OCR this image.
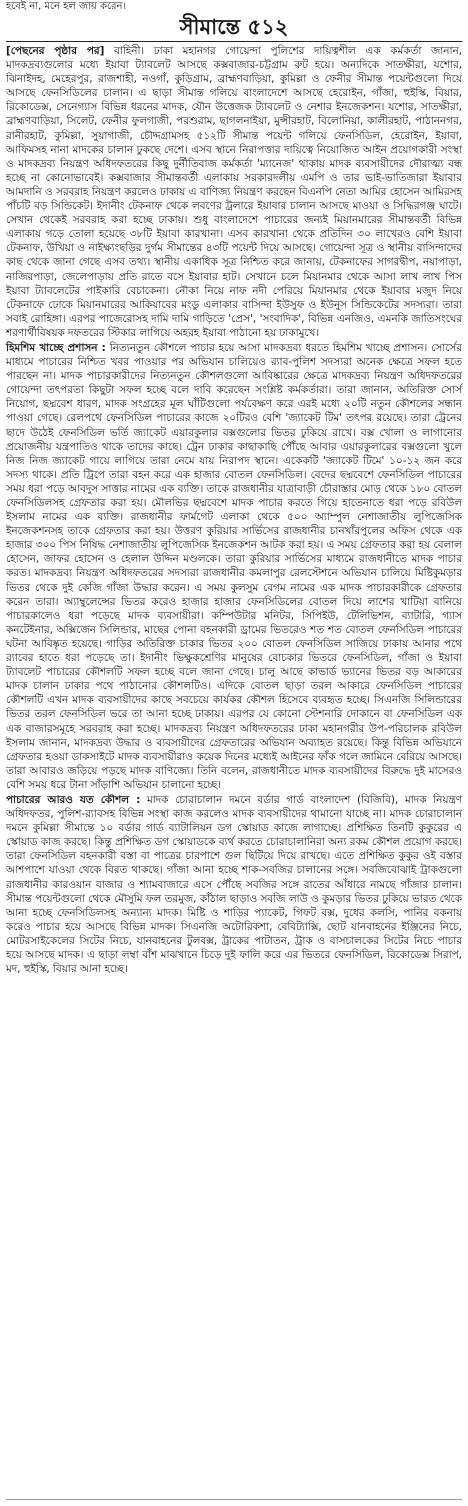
হবেই না, মনে হল জায় করেন।
সীমান্তে ৫১২

[পেছনের পৃষ্ঠার পর] বাহিনী। ঢাকা মহানগর গোয়েন্দা পুলিশের দায়িত্বশীল এক কর্মকর্তা জানান, মাদকদ্রব্যগুলোর মধ্যে ইয়াবা ট্যাবলেট আসছে কক্সবাজার-চট্টগ্রাম রুট হয়ে। অন্যদিকে সাতক্ষীরা, যশোর, ঝিনাইদহ, মেহেরপুর, রাজশাহী, নওগাঁ, কুড়িগ্রাম, ব্রাহ্মণবাড়িয়া, কুমিল্লা ও ফেনীর সীমান্ত পয়েন্টগুলো দিয়ে আসছে ফেনসিডিলের চালান। এ ছাড়া সীমান্ত গলিয়ে বাংলাদেশে আসছে হেরোইন, গাঁজা, হুইস্কি, বিয়ার, রিকোডেক্স, সেনেগ্যাস বিভিন্ন ধরনের মাদক, যৌন উত্তেজক ট্যাবলেট ও নেশার ইনজেকশন। যশোর, সাতক্ষীরা, ব্রাহ্মণবাড়িয়া, সিলেট, ফেনীর ফুলগাজী, পরশুরাম, ছাগলনাইয়া, মুন্সীরহাট, বিলোনিয়া, কালীরহাট, পাঠাননগর, রানীরহাট, কুমিল্লা, সুয়াগাজী, চৌদ্দগ্রামসহ ৫১২টি সীমান্ত পয়েন্ট গলিয়ে ফেনসিডিল, হেরোইন, ইয়াবা, আফিমসহ নানা মাদকের চালান ঢুকছে দেশে। এসব স্থানে নিরাপত্তার দায়িত্বে নিয়োজিত আইন প্রয়োগকারী সংস্থা ও মাদকদ্রব্য নিয়ন্ত্রণ অধিদফতরের কিছু দুর্নীতিবাজ কর্মকর্তা 'ম্যানেজ' থাকায় মাদক ব্যবসায়ীদের দৌরাত্ম্য বন্ধ হচ্ছে না কোনোভাবেই। কক্সবাজার সীমান্তবর্তী এলাকায় সরকারদলীয় এমপি ও তার ভাই-ভাতিজারা ইয়াবার আমদানি ও সরবরাহ নিয়ন্ত্রণ করলেও ঢাকায় এ বাণিজ্য নিয়ন্ত্রণ করছেন বিএনপি নেতা আমির হোসেন আমিরসহ পাঁচটি বড় সিন্ডিকেট। ইদানীং টেকনাফ থেকে লবণের ট্রলারে ইয়াবার চালান আসছে মাওয়া ও সিদ্ধিরগঞ্জ ঘাটে। সেখান থেকেই সরবরাহ করা হচ্ছে ঢাকায়। শুধু বাংলাদেশে পাচারের জন্যই মিয়ানমারের সীমান্তবর্তী বিভিন্ন এলাকায় গড়ে তোলা হয়েছে ৩৮টি ইয়াবা কারখানা। এসব কারখানা থেকে প্রতিদিন ৩০ লাখেরও বেশি ইয়াবা টেকনাফ, উখিয়া ও নাইক্ষ্যংছড়ির দুর্গম সীমান্তের ৪৩টি পয়েন্ট দিয়ে আসছে। গোয়েন্দা সূত্র ও স্থানীয় বাসিন্দাদের কাছ থেকে জানা গেছে এসব তথ্য। স্থানীয় একাধিক সূত্র নিশ্চিত করে জানায়, টেকনাফের সাগরদ্বীপ, নয়াপাড়া, নাজিরপাড়া, জেলেপাড়ায় প্রতি রাতে বসে ইয়াবার হাট। সেখানে চলে মিয়ানমার থেকে আসা লাখ লাখ পিস ইয়াবা ট্যাবলেটের পাইকারি বেচাকেনা। নৌকা নিয়ে নাফ নদী পেরিয়ে মিয়ানমার থেকে ইয়াবার মজুদ নিয়ে টেকনাফে ঢোকে মিয়ানমারের আকিয়াবের মংডু এলাকার বাসিন্দা ইউসুফ ও ইউনুস সিন্ডিকেটের সদস্যরা। তারা সবাই রোহিঙ্গা। এরপর পাজেরোসহ দামি দামি গাড়িতে 'প্রেস', 'সংবাদিক', বিভিন্ন এনজিও, এমনকি জাতিসংঘের শরণার্থীবিষয়ক দফতরের স্টিকার লাগিয়ে অহরহ ইয়াবা পাঠানো হয় ঢাকামুখে।

হিমশিম খাচ্ছে প্রশাসন : নিত্যনতুন কৌশলে পাচার হয়ে আসা মাদকদ্রব্য ধরতে হিমশিম খাচ্ছে প্রশাসন। সোর্সের মাধ্যমে পাচারের নিশ্চিত খবর পাওয়ার পর অভিযান চালিয়েও র‌্যাব-পুলিশ সদস্যরা অনেক ক্ষেত্রে সফল হতে পারছেন না। মাদক পাচারকারীদের নিত্যনতুন কৌশলগুলো আবিষ্কারের ক্ষেত্রে মাদকদ্রব্য নিয়ন্ত্রণ অধিদফতরের গোয়েন্দা তৎপরতা কিছুটা সফল হচ্ছে বলে দাবি করেছেন সংশ্লিষ্ট কর্মকর্তারা। তারা জানান, অতিরিক্ত সোর্স নিয়োগ, ছদ্মবেশ ধারণ, মাদক সংগ্রহের মূল ঘাঁটিগুলো পর্যবেক্ষণ করে এরই মধ্যে ২০টি নতুন কৌশলের সন্ধান পাওয়া গেছে। রেলপথে ফেনসিডিল পাচারের কাজে ২০টিরও বেশি 'জ্যাকেট টিম' তৎপর রয়েছে। তারা ট্রেনের ছাদে উঠেই ফেনসিডিল ভর্তি জ্যাকেট এয়ারকুলার বক্সগুলোর ভিতর ঢুকিয়ে রাখে। বক্স খোলা ও লাগানোর প্রয়োজনীয় যন্ত্রপাতিও থাকে তাদের কাছে। ট্রেন ঢাকার কাছাকাছি পৌঁছে আবার এয়ারকুলারের বক্সগুলো খুলে নিজ নিজ জ্যাকেট গায়ে লাগিয়ে তারা নেমে যায় নিরাপদ স্থানে। একেকটি 'জ্যাকেট টিমে' ১০-১২ জন করে সদস্য থাকে। প্রতি ট্রিপে তারা বহন করে এক হাজার বোতল ফেনসিডিল। বেদের ছদ্মবেশে ফেনসিডিল পাচারের সময় ধরা পড়ে আবদুস সাত্তার নামের এক ব্যক্তি। তাকে রাজধানীর যাত্রাবাড়ী চৌরাস্তার মোড় থেকে ১৮০ বোতল ফেনসিডিলসহ গ্রেফতার করা হয়। মৌলভির ছদ্মবেশে মাদক পাচার করতে গিয়ে হাতেনাতে ধরা পড়ে রবিউল ইসলাম নামের এক ব্যক্তি। রাজধানীর ফার্মগেট এলাকা থেকে ৫০০ অ্যাম্পুল নেশাজাতীয় লুপিজেসিক ইনজেকশনসহ তাকে গ্রেফতার করা হয়। উত্তরণ কুরিয়ার সার্ভিসের রাজধানীর চানখাঁরপুলের অফিস থেকে এক হাজার ৩০০ পিস নিষিদ্ধ নেশাজাতীয় লুপিজেসিক ইনজেকশন আটক করা হয়। এ সময় গ্রেফতার করা হয় বেলাল হোসেন, জাফর হোসেন ও হেলাল উদ্দিন মণ্ডলকে। তারা কুরিয়ার সার্ভিসের মাধ্যমে রাজধানীতে মাদক পাচার করত। মাদকদ্রব্য নিয়ন্ত্রণ অধিদফতরের সদস্যরা রাজধানীর কমলাপুর রেলস্টেশনে অভিযান চালিয়ে মিষ্টিকুমড়ার ভিতর থেকে দুই কেজি গাঁজা উদ্ধার করেন। এ সময় কুলসুম বেগম নামের এক মাদক পাচারকারীকে গ্রেফতার করেন তারা। অ্যাম্বুলেন্সের ভিতর করেও হাজার হাজার ফেনসিডিলের বোতল দিয়ে লাশের খাটিয়া বানিয়ে পাচারকালেও ধরা পড়েছে মাদক ব্যবসায়ীরা। কম্পিউটার মনিটর, সিপিইউ, টেলিভিশন, ব্যাটারি, গ্যাস কনটেইনার, অক্সিজেন সিলিন্ডার, মাছের পোনা বহনকারী ড্রামের ভিতরেও শত শত বোতল ফেনসিডিল পাচারের ঘটনা আবিষ্কৃত হয়েছে। গাড়ির অতিরিক্ত চাকার ভিতর ২০০ বোতল ফেনসিডিল সাজিয়ে ঢাকায় আনার পথে র‌্যাবের হাতে ধরা পড়েছে তা। ইদানীং ভিক্ষুকশ্রেণির মানুষের বোচকার ভিতরে ফেনসিডিল, গাঁজা ও ইয়াবা ট্যাবলেট পাচারের কৌশলটি সফল হচ্ছে বলে জানা গেছে। চালু আছে কাভার্ড ভ্যানের ভিতর বড় আকারের মাদক চালান ঢাকার পথে পাঠানোর কৌশলটিও। এদিকে বোতল ছাড়া তরল আকারে ফেনসিডিল পাচারের কৌশলটি এখন মাদক ব্যবসায়ীদের কাছে সবচেয়ে কার্যকর কৌশল হিসেবে ব্যবহৃত হচ্ছে। সিএনজি সিলিন্ডারের ভিতর তরল ফেনসিডিল ভরে তা আনা হচ্ছে ঢাকায়। এরপর যে কোনো স্টেশনারি দোকানে বা ফেনসিডিল এক এক বাজারসমূহে সরবরাহ করা হচ্ছে। মাদকদ্রব্য নিয়ন্ত্রণ অধিদফতরের ঢাকা মহানগরীর উপ-পরিচালক রবিউল ইসলাম জানান, মাদকদ্রব্য উদ্ধার ও ব্যবসায়ীদের গ্রেফতারের অভিযান অব্যাহত রয়েছে। কিন্তু বিভিন্ন অভিযানে গ্রেফতার হওয়া ডাকসাইটে মাদক ব্যবসায়ীরাও কয়েক দিনের মধ্যেই আইনের ফাঁক গলে জামিনে বেরিয়ে আসছে। তারা আবারও জড়িয়ে পড়ছে মাদক বাণিজ্যে। তিনি বলেন, রাজধানীতে মাদক ব্যবসায়ীদের বিরুদ্ধে দুই মাসেরও বেশি সময় ধরে টানা সাঁড়াশি অভিযান চালানো হচ্ছে।

পাচারের আরও যত কৌশল : মাদক চোরাচালান দমনে বর্ডার গার্ড বাংলাদেশ (বিজিবি), মাদক নিয়ন্ত্রণ অধিদফতর, পুলিশ-র‌্যাবসহ বিভিন্ন সংস্থা কাজ করলেও মাদক ব্যবসায়ীদের থামানো যাচ্ছে না। মাদক চোরাচালান দমনে কুমিল্লা সীমান্তে ১০ বর্ডার গার্ড ব্যাটালিয়ন ডগ স্কোয়াড কাজে লাগাচ্ছে। প্রশিক্ষিত তিনটি কুকুরের এ স্কোয়াড কাজ করছে। কিন্তু প্রশিক্ষিত ডগ স্কোয়াডকে ব্যর্থ করতে চোরাচালানিরা অন্য রকম কৌশল প্রয়োগ করছে। তারা ফেনসিডিল বহনকারী বস্তা বা পাত্রের চারপাশে গুল ছিটিয়ে দিয়ে রাখছে। এতে প্রশিক্ষিত কুকুর ওই বস্তার আশপাশে যাওয়া থেকে বিরত থাকছে। গাঁজা আনা হচ্ছে শাক-সবজির চালানের সঙ্গে। সবজিবোঝাই ট্রাকগুলো রাজধানীর কারওয়ান বাজার ও শ্যামবাজারে এসে পৌঁছে সবজির সঙ্গে রাতের আঁধারে নামছে গাঁজার চালান। সীমান্ত পয়েন্টগুলো থেকে মৌসুমি ফল তরমুজ, কাঁঠাল ছাড়াও সবজি লাউ ও কুমড়ার ভিতর ঢুকিয়ে ভারত থেকে আনা হচ্ছে ফেনসিডিলসহ অন্যান্য মাদক। মিষ্টি ও শাড়ির প্যাকেট, গিফট বক্স, দুধের কলসি, পানির বকনায় করেও পাচার হয়ে আসছে বিভিন্ন মাদক। সিএনজি অটোরিকশা, বেবিট্যাক্সি, ছোট যানবাহনের ইঞ্জিনের নিচে, মোটরসাইকেলের সিটের নিচে, যানবাহনের টুলবক্স, ট্রাকের পাটাতন, ট্রাক ও বাসচালকের সিটের নিচে পাচার হয়ে আসছে মাদক। এ ছাড়া লম্বা বাঁশ মাঝখানে চিড়ে দুই ফালি করে এর ভিতরে ফেনসিডিল, রিকোডেক্স সিরাপ, মদ, হুইস্কি, বিয়ার আনা হচ্ছে।
